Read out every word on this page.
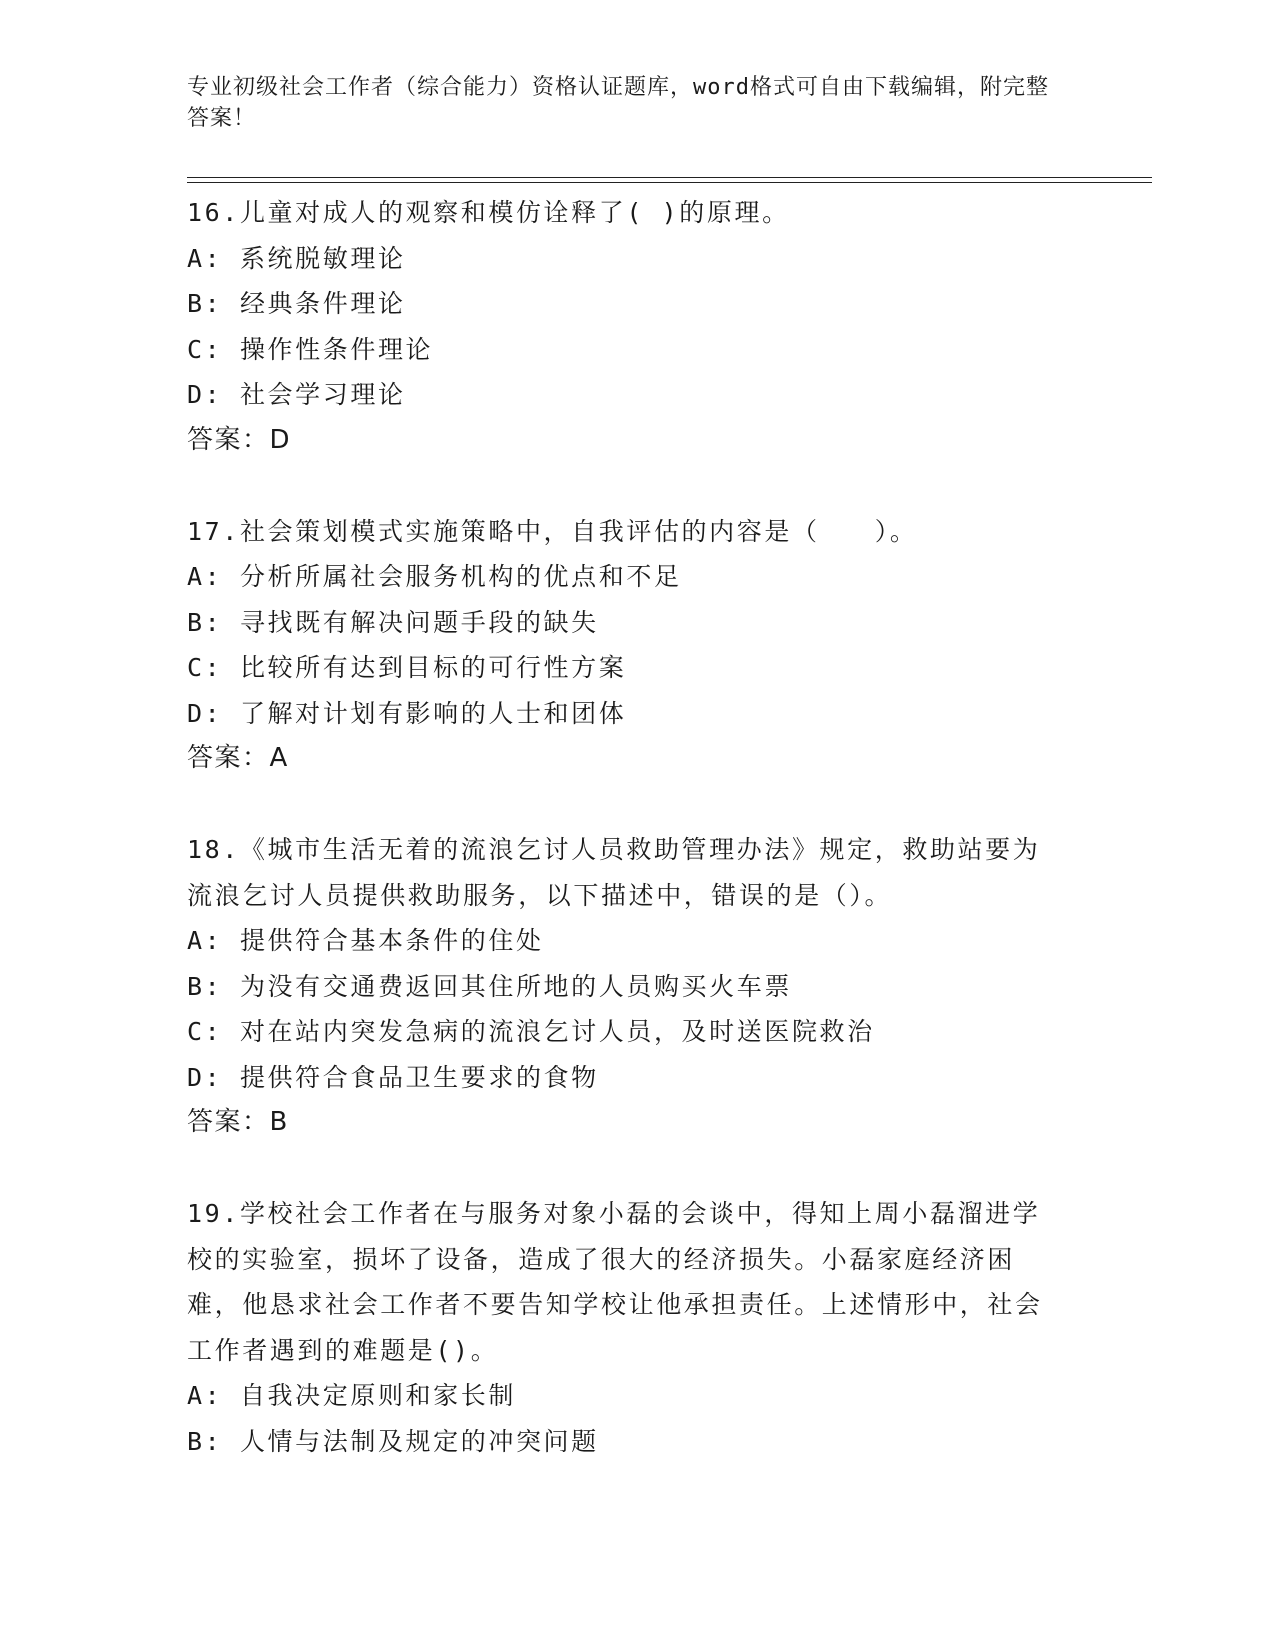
专业初级社会工作者（综合能力）资格认证题库，word格式可自由下载编辑，附完整答案！
16.儿童对成人的观察和模仿诠释了( )的原理。
A: 系统脱敏理论
B: 经典条件理论
C: 操作性条件理论
D: 社会学习理论
答案：D
17.社会策划模式实施策略中，自我评估的内容是（　　）。
A: 分析所属社会服务机构的优点和不足
B: 寻找既有解决问题手段的缺失
C: 比较所有达到目标的可行性方案
D: 了解对计划有影响的人士和团体
答案：A
18.《城市生活无着的流浪乞讨人员救助管理办法》规定，救助站要为流浪乞讨人员提供救助服务，以下描述中，错误的是（）。
A: 提供符合基本条件的住处
B: 为没有交通费返回其住所地的人员购买火车票
C: 对在站内突发急病的流浪乞讨人员，及时送医院救治
D: 提供符合食品卫生要求的食物
答案：B
19.学校社会工作者在与服务对象小磊的会谈中，得知上周小磊溜进学校的实验室，损坏了设备，造成了很大的经济损失。小磊家庭经济困难，他恳求社会工作者不要告知学校让他承担责任。上述情形中，社会工作者遇到的难题是()。
A: 自我决定原则和家长制
B: 人情与法制及规定的冲突问题
